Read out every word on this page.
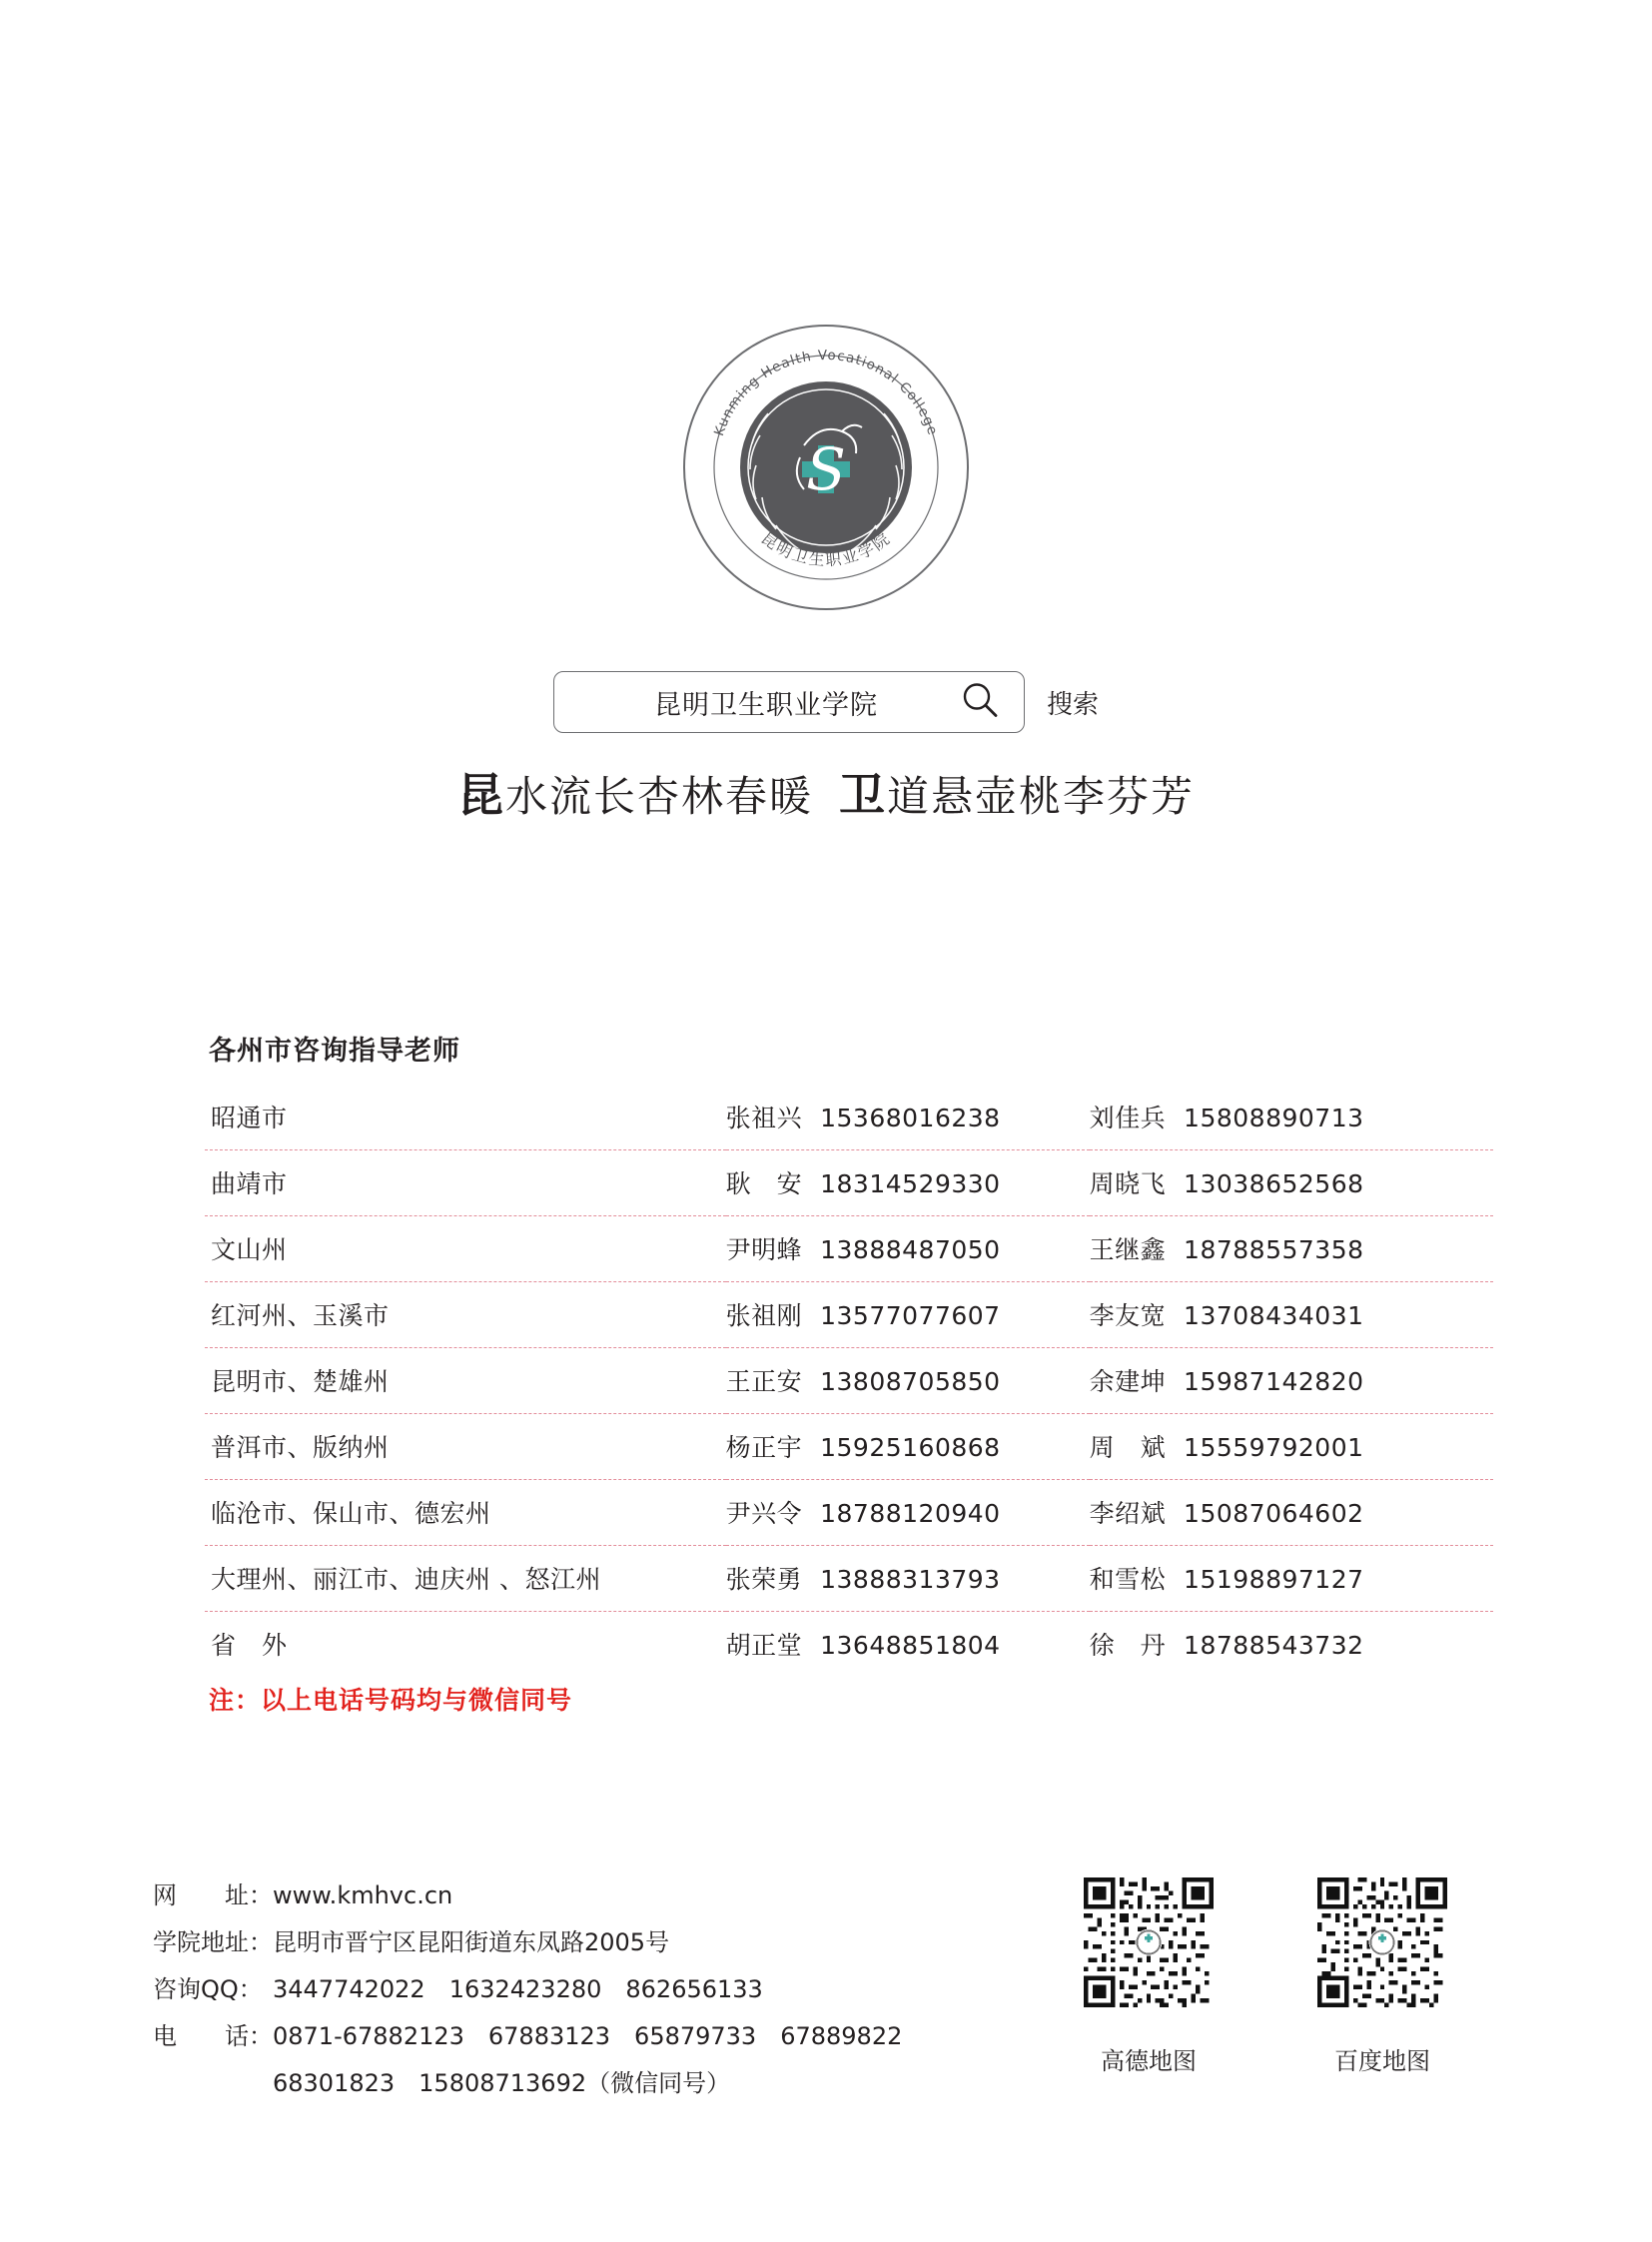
S
Kunming Health Vocational College
昆明卫生职业学院
昆明卫生职业学院	搜索
昆水流长杏林春暖 卫道悬壶桃李芬芳
各州市咨询指导老师
昭通市	张祖兴 15368016238	刘佳兵 15808890713
曲靖市	耿　安 18314529330	周晓飞 13038652568
文山州	尹明蜂 13888487050	王继鑫 18788557358
红河州、玉溪市	张祖刚 13577077607	李友宽 13708434031
昆明市、楚雄州	王正安 13808705850	余建坤 15987142820
普洱市、版纳州	杨正宇 15925160868	周　斌 15559792001
临沧市、保山市、德宏州	尹兴令 18788120940	李绍斌 15087064602
大理州、丽江市、迪庆州 、怒江州	张荣勇 13888313793	和雪松 15198897127
省　外	胡正堂 13648851804	徐　丹 18788543732
注：以上电话号码均与微信同号
网　　址：www.kmhvc.cn
学院地址：昆明市晋宁区昆阳街道东凤路2005号
咨询QQ： 3447742022　1632423280　862656133
电　　话：0871-67882123　67883123　65879733　67889822
68301823　15808713692（微信同号）
高德地图	百度地图
